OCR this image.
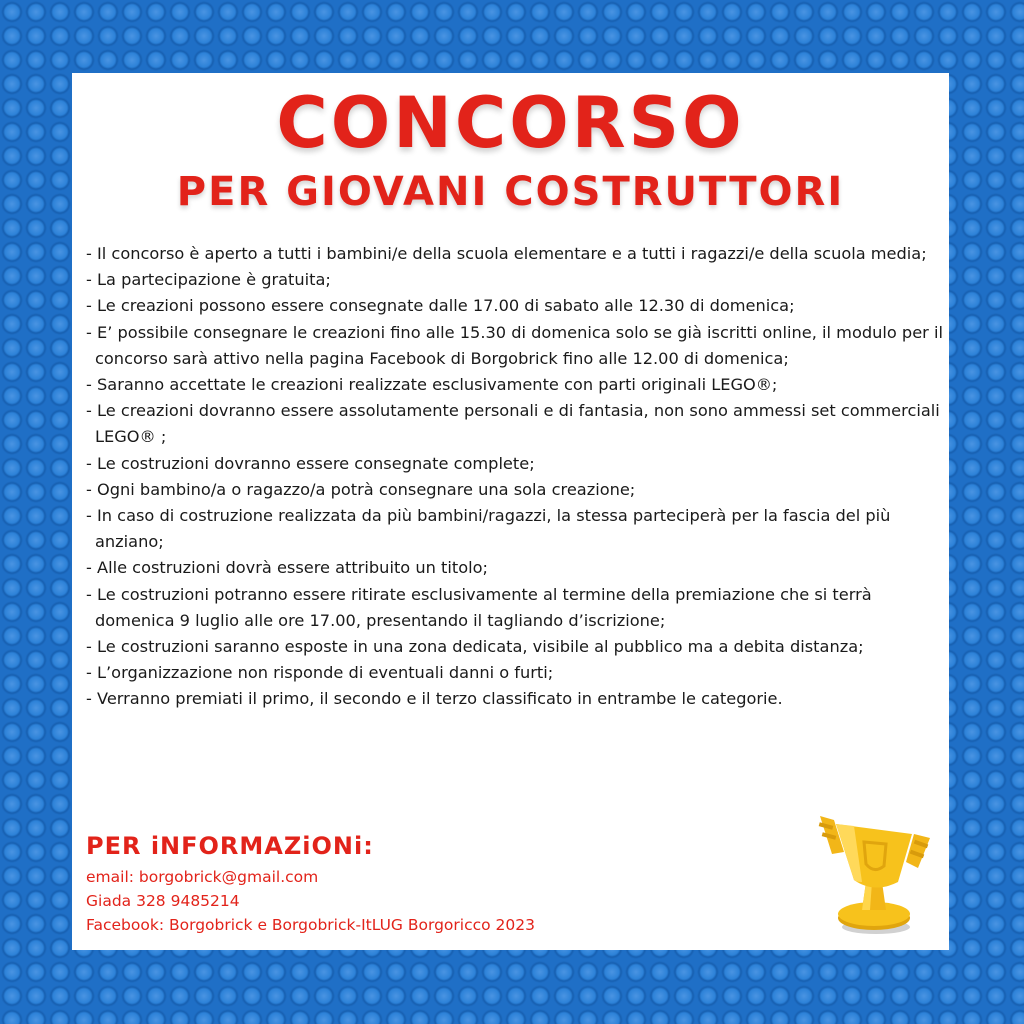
CONCORSO
PER GIOVANI COSTRUTTORI
- Il concorso è aperto a tutti i bambini/e della scuola elementare e a tutti i ragazzi/e della scuola media;
- La partecipazione è gratuita;
- Le creazioni possono essere consegnate dalle 17.00 di sabato alle 12.30 di domenica;
- E’ possibile consegnare le creazioni fino alle 15.30 di domenica solo se già iscritti online, il modulo per il concorso sarà attivo nella pagina Facebook di Borgobrick fino alle 12.00 di domenica;
- Saranno accettate le creazioni realizzate esclusivamente con parti originali LEGO®;
- Le creazioni dovranno essere assolutamente personali e di fantasia, non sono ammessi set commerciali LEGO® ;
- Le costruzioni dovranno essere consegnate complete;
- Ogni bambino/a o ragazzo/a potrà consegnare una sola creazione;
- In caso di costruzione realizzata da più bambini/ragazzi, la stessa parteciperà per la fascia del più anziano;
- Alle costruzioni dovrà essere attribuito un titolo;
- Le costruzioni potranno essere ritirate esclusivamente al termine della premiazione che si terrà domenica 9 luglio alle ore 17.00, presentando il tagliando d’iscrizione;
- Le costruzioni saranno esposte in una zona dedicata, visibile al pubblico ma a debita distanza;
- L’organizzazione non risponde di eventuali danni o furti;
- Verranno premiati il primo, il secondo e il terzo classificato in entrambe le categorie.
PER iNFORMAZiONi:
email: borgobrick@gmail.com
Giada 328 9485214
Facebook: Borgobrick e Borgobrick-ItLUG Borgoricco 2023
